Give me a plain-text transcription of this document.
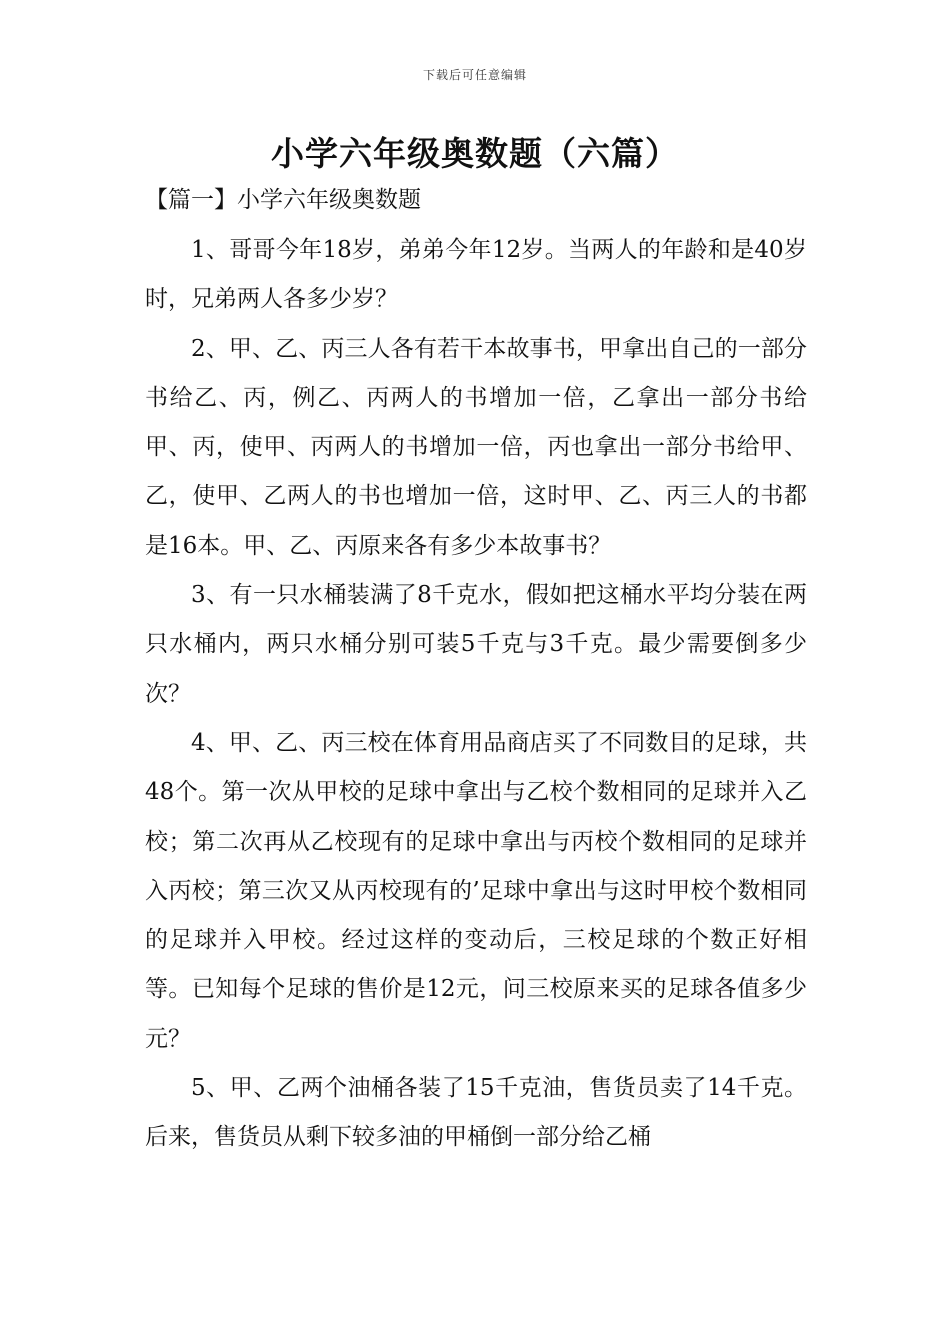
下载后可任意编辑
小学六年级奥数题（六篇）
【篇一】小学六年级奥数题

1、哥哥今年18岁，弟弟今年12岁。当两人的年龄和是40岁时，兄弟两人各多少岁？

2、甲、乙、丙三人各有若干本故事书，甲拿出自己的一部分书给乙、丙，例乙、丙两人的书增加一倍，乙拿出一部分书给甲、丙，使甲、丙两人的书增加一倍，丙也拿出一部分书给甲、乙，使甲、乙两人的书也增加一倍，这时甲、乙、丙三人的书都是16本。甲、乙、丙原来各有多少本故事书？

3、有一只水桶装满了8千克水，假如把这桶水平均分装在两只水桶内，两只水桶分别可装5千克与3千克。最少需要倒多少次？

4、甲、乙、丙三校在体育用品商店买了不同数目的足球，共48个。第一次从甲校的足球中拿出与乙校个数相同的足球并入乙校；第二次再从乙校现有的足球中拿出与丙校个数相同的足球并入丙校；第三次又从丙校现有的’足球中拿出与这时甲校个数相同的足球并入甲校。经过这样的变动后，三校足球的个数正好相等。已知每个足球的售价是12元，问三校原来买的足球各值多少元？

5、甲、乙两个油桶各装了15千克油，售货员卖了14千克。后来，售货员从剩下较多油的甲桶倒一部分给乙桶
